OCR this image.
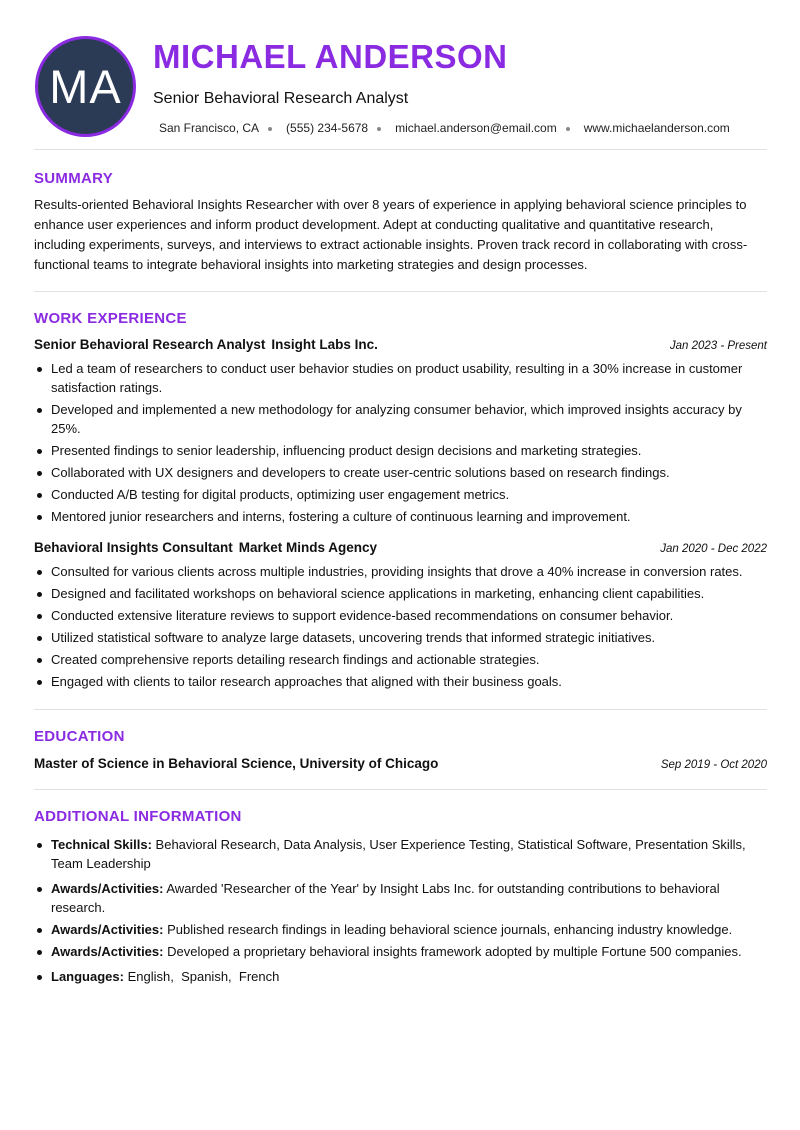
MA
MICHAEL ANDERSON
Senior Behavioral Research Analyst
San Francisco, CA (555) 234-5678 michael.anderson@email.com www.michaelanderson.com
SUMMARY
Results-oriented Behavioral Insights Researcher with over 8 years of experience in applying behavioral science principles to enhance user experiences and inform product development. Adept at conducting qualitative and quantitative research, including experiments, surveys, and interviews to extract actionable insights. Proven track record in collaborating with cross-functional teams to integrate behavioral insights into marketing strategies and design processes.
WORK EXPERIENCE
Senior Behavioral Research Analyst Insight Labs Inc.	Jan 2023 - Present
Led a team of researchers to conduct user behavior studies on product usability, resulting in a 30% increase in customer satisfaction ratings.
Developed and implemented a new methodology for analyzing consumer behavior, which improved insights accuracy by 25%.
Presented findings to senior leadership, influencing product design decisions and marketing strategies.
Collaborated with UX designers and developers to create user-centric solutions based on research findings.
Conducted A/B testing for digital products, optimizing user engagement metrics.
Mentored junior researchers and interns, fostering a culture of continuous learning and improvement.
Behavioral Insights Consultant Market Minds Agency	Jan 2020 - Dec 2022
Consulted for various clients across multiple industries, providing insights that drove a 40% increase in conversion rates.
Designed and facilitated workshops on behavioral science applications in marketing, enhancing client capabilities.
Conducted extensive literature reviews to support evidence-based recommendations on consumer behavior.
Utilized statistical software to analyze large datasets, uncovering trends that informed strategic initiatives.
Created comprehensive reports detailing research findings and actionable strategies.
Engaged with clients to tailor research approaches that aligned with their business goals.
EDUCATION
Master of Science in Behavioral Science, University of Chicago	Sep 2019 - Oct 2020
ADDITIONAL INFORMATION
Technical Skills: Behavioral Research, Data Analysis, User Experience Testing, Statistical Software, Presentation Skills, Team Leadership
Awards/Activities: Awarded 'Researcher of the Year' by Insight Labs Inc. for outstanding contributions to behavioral research.
Awards/Activities: Published research findings in leading behavioral science journals, enhancing industry knowledge.
Awards/Activities: Developed a proprietary behavioral insights framework adopted by multiple Fortune 500 companies.
Languages: English,  Spanish,  French
